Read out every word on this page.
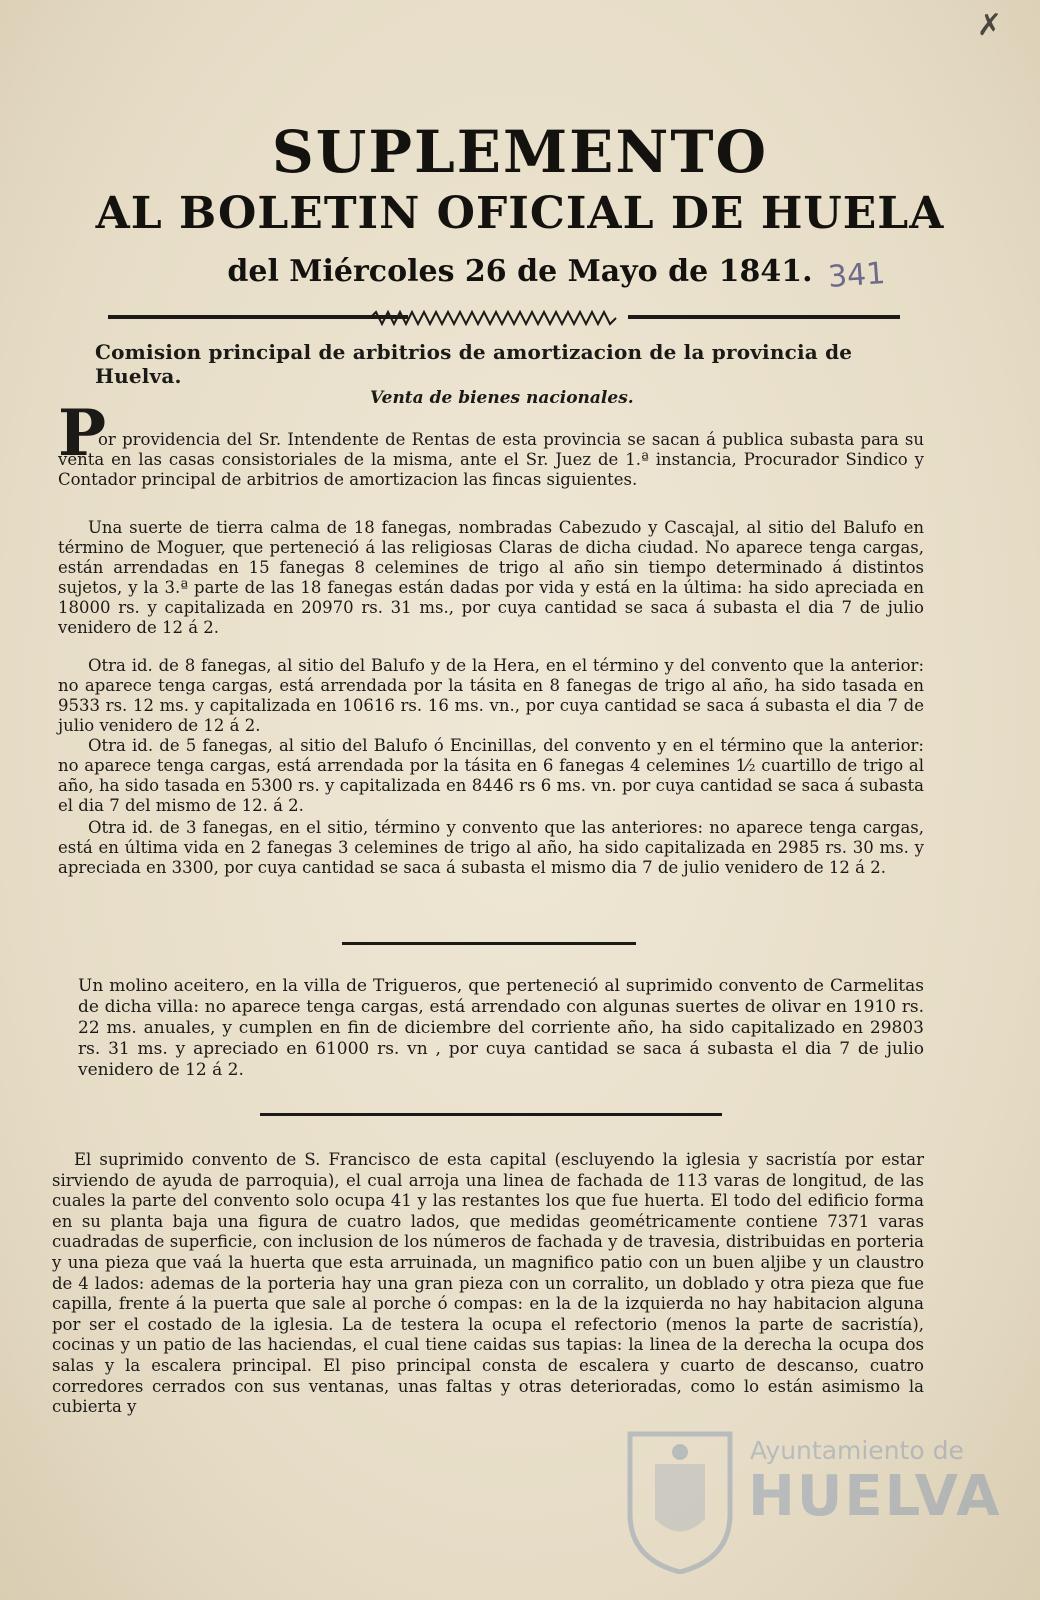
✗
SUPLEMENTO
AL BOLETIN OFICIAL DE HUELA
del Miércoles 26 de Mayo de 1841. 341
Comision principal de arbitrios de amortizacion de la provincia de Huelva.
Venta de bienes nacionales.
P
or providencia del Sr. Intendente de Rentas de esta provincia se sacan á publica subasta para su venta en las casas consistoriales de la misma, ante el Sr. Juez de 1.ª instancia, Procurador Sindico y Contador principal de arbitrios de amortizacion las fincas siguientes.
Una suerte de tierra calma de 18 fanegas, nombradas Cabezudo y Cascajal, al sitio del Balufo en término de Moguer, que perteneció á las religiosas Claras de dicha ciudad. No aparece tenga cargas, están arrendadas en 15 fanegas 8 celemines de trigo al año sin tiempo determinado á distintos sujetos, y la 3.ª parte de las 18 fanegas están dadas por vida y está en la última: ha sido apreciada en 18000 rs. y capitalizada en 20970 rs. 31 ms., por cuya cantidad se saca á subasta el dia 7 de julio venidero de 12 á 2.
Otra id. de 8 fanegas, al sitio del Balufo y de la Hera, en el término y del convento que la anterior: no aparece tenga cargas, está arrendada por la tásita en 8 fanegas de trigo al año, ha sido tasada en 9533 rs. 12 ms. y capitalizada en 10616 rs. 16 ms. vn., por cuya cantidad se saca á subasta el dia 7 de julio venidero de 12 á 2.
Otra id. de 5 fanegas, al sitio del Balufo ó Encinillas, del convento y en el término que la anterior: no aparece tenga cargas, está arrendada por la tásita en 6 fanegas 4 celemines 1⁄₂ cuartillo de trigo al año, ha sido tasada en 5300 rs. y capitalizada en 8446 rs 6 ms. vn. por cuya cantidad se saca á subasta el dia 7 del mismo de 12. á 2.
Otra id. de 3 fanegas, en el sitio, término y convento que las anteriores: no aparece tenga cargas, está en última vida en 2 fanegas 3 celemines de trigo al año, ha sido capitalizada en 2985 rs. 30 ms. y apreciada en 3300, por cuya cantidad se saca á subasta el mismo dia 7 de julio venidero de 12 á 2.
Un molino aceitero, en la villa de Trigueros, que perteneció al suprimido convento de Carmelitas de dicha villa: no aparece tenga cargas, está arrendado con algunas suertes de olivar en 1910 rs. 22 ms. anuales, y cumplen en fin de diciembre del corriente año, ha sido capitalizado en 29803 rs. 31 ms. y apreciado en 61000 rs. vn , por cuya cantidad se saca á subasta el dia 7 de julio venidero de 12 á 2.
El suprimido convento de S. Francisco de esta capital (escluyendo la iglesia y sacristía por estar sirviendo de ayuda de parroquia), el cual arroja una linea de fachada de 113 varas de longitud, de las cuales la parte del convento solo ocupa 41 y las restantes los que fue huerta. El todo del edificio forma en su planta baja una figura de cuatro lados, que medidas geométricamente contiene 7371 varas cuadradas de superficie, con inclusion de los números de fachada y de travesia, distribuidas en porteria y una pieza que vaá la huerta que esta arruinada, un magnifico patio con un buen aljibe y un claustro de 4 lados: ademas de la porteria hay una gran pieza con un corralito, un doblado y otra pieza que fue capilla, frente á la puerta que sale al porche ó compas: en la de la izquierda no hay habitacion alguna por ser el costado de la iglesia. La de testera la ocupa el refectorio (menos la parte de sacristía), cocinas y un patio de las haciendas, el cual tiene caidas sus tapias: la linea de la derecha la ocupa dos salas y la escalera principal. El piso principal consta de escalera y cuarto de descanso, cuatro corredores cerrados con sus ventanas, unas faltas y otras deterioradas, como lo están asimismo la cubierta y
Ayuntamiento de
HUELVA
